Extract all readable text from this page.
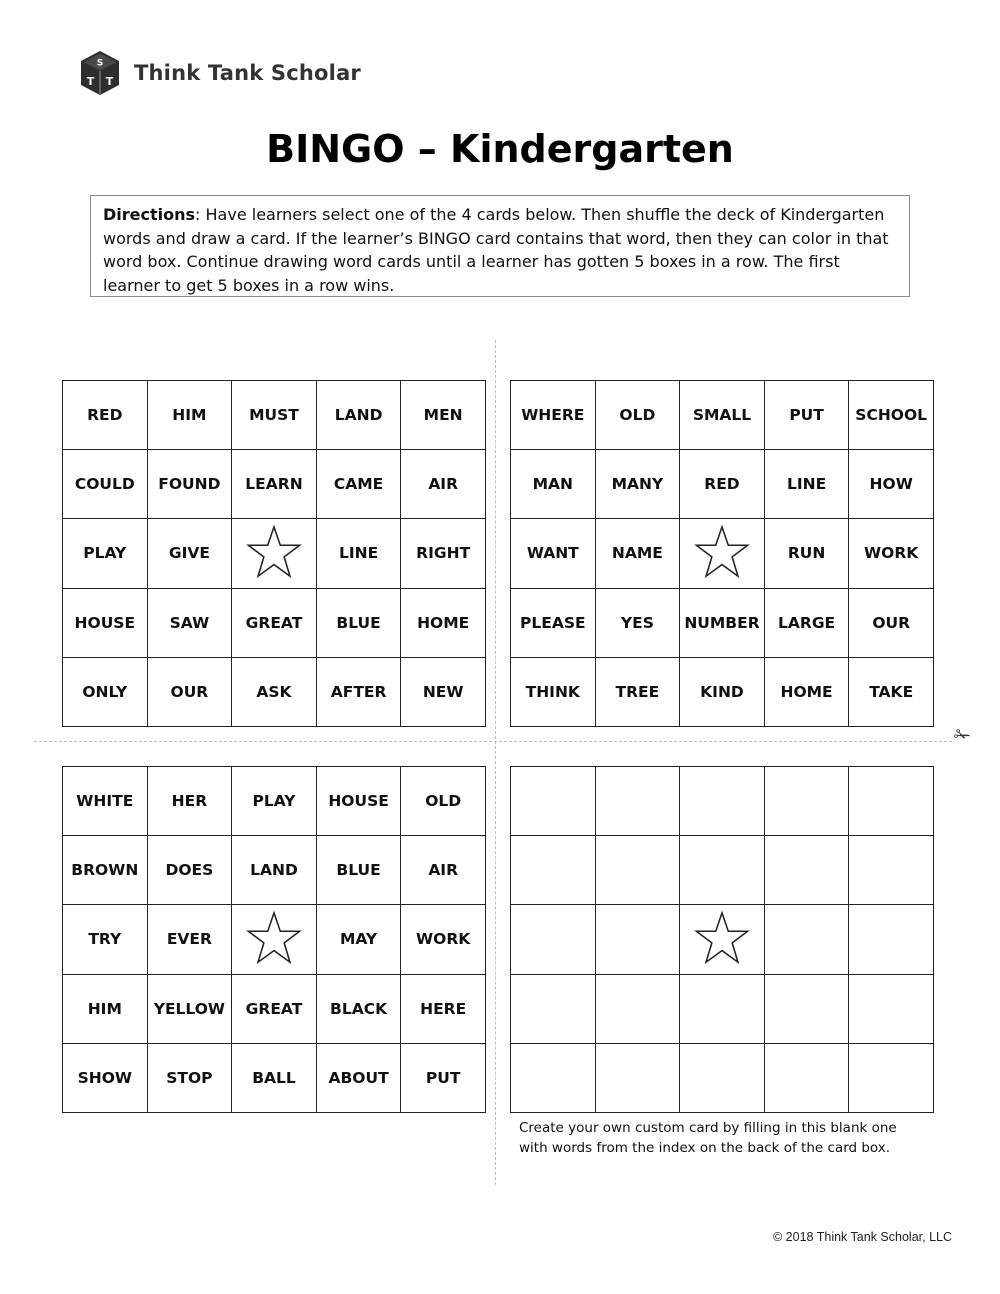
S
T T Think Tank Scholar
BINGO – Kindergarten
Directions: Have learners select one of the 4 cards below. Then shuffle the deck of Kindergarten words and draw a card. If the learner’s BINGO card contains that word, then they can color in that word box. Continue drawing word cards until a learner has gotten 5 boxes in a row. The first learner to get 5 boxes in a row wins.
✁
RED	HIM	MUST	LAND	MEN
COULD	FOUND	LEARN	CAME	AIR
PLAY	GIVE		LINE	RIGHT
HOUSE	SAW	GREAT	BLUE	HOME
ONLY	OUR	ASK	AFTER	NEW
WHERE	OLD	SMALL	PUT	SCHOOL
MAN	MANY	RED	LINE	HOW
WANT	NAME		RUN	WORK
PLEASE	YES	NUMBER	LARGE	OUR
THINK	TREE	KIND	HOME	TAKE
WHITE	HER	PLAY	HOUSE	OLD
BROWN	DOES	LAND	BLUE	AIR
TRY	EVER		MAY	WORK
HIM	YELLOW	GREAT	BLACK	HERE
SHOW	STOP	BALL	ABOUT	PUT

Create your own custom card by filling in this blank one with words from the index on the back of the card box.
© 2018 Think Tank Scholar, LLC
